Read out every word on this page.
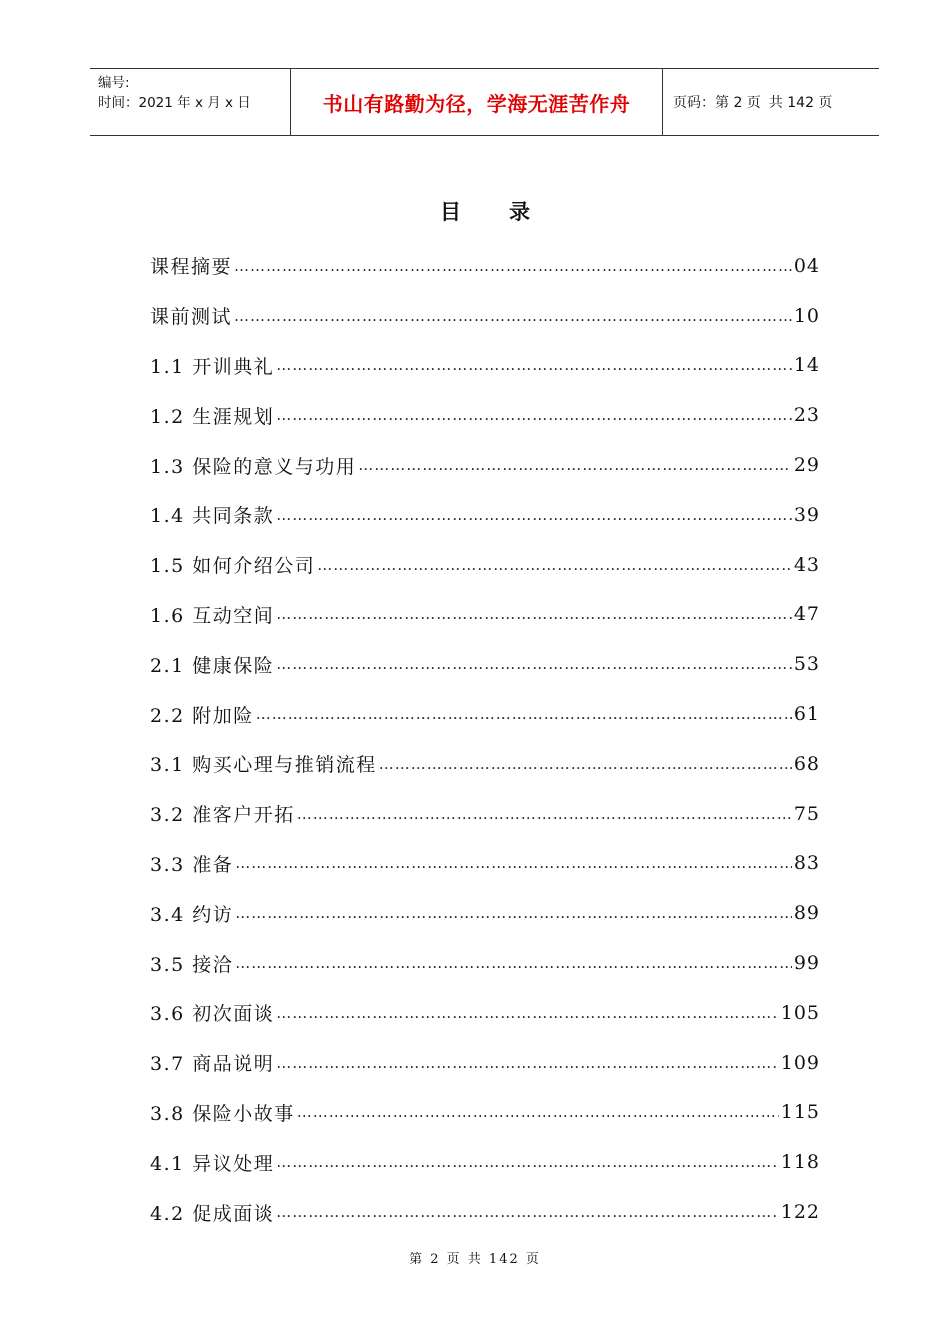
编号:
时间：2021 年 x 月 x 日	书山有路勤为径，学海无涯苦作舟	页码：第 2 页 共 142 页
目 录
课程摘要 ………………………………………………………………………………………………………………………………	04
课前测试 ………………………………………………………………………………………………………………………………	10
1.1 开训典礼 ………………………………………………………………………………………………………………………………	14
1.2 生涯规划 ………………………………………………………………………………………………………………………………	23
1.3 保险的意义与功用 ………………………………………………………………………………………………………………………………	29
1.4 共同条款 ………………………………………………………………………………………………………………………………	39
1.5 如何介绍公司 ………………………………………………………………………………………………………………………………	43
1.6 互动空间 ………………………………………………………………………………………………………………………………	47
2.1 健康保险 ………………………………………………………………………………………………………………………………	53
2.2 附加险 ………………………………………………………………………………………………………………………………	61
3.1 购买心理与推销流程 ………………………………………………………………………………………………………………………………	68
3.2 准客户开拓 ………………………………………………………………………………………………………………………………	75
3.3 准备 ………………………………………………………………………………………………………………………………	83
3.4 约访 ………………………………………………………………………………………………………………………………	89
3.5 接洽 ………………………………………………………………………………………………………………………………	99
3.6 初次面谈 ………………………………………………………………………………………………………………………………	105
3.7 商品说明 ………………………………………………………………………………………………………………………………	109
3.8 保险小故事 ………………………………………………………………………………………………………………………………	115
4.1 异议处理 ………………………………………………………………………………………………………………………………	118
4.2 促成面谈 ………………………………………………………………………………………………………………………………	122
第 2 页 共 142 页
